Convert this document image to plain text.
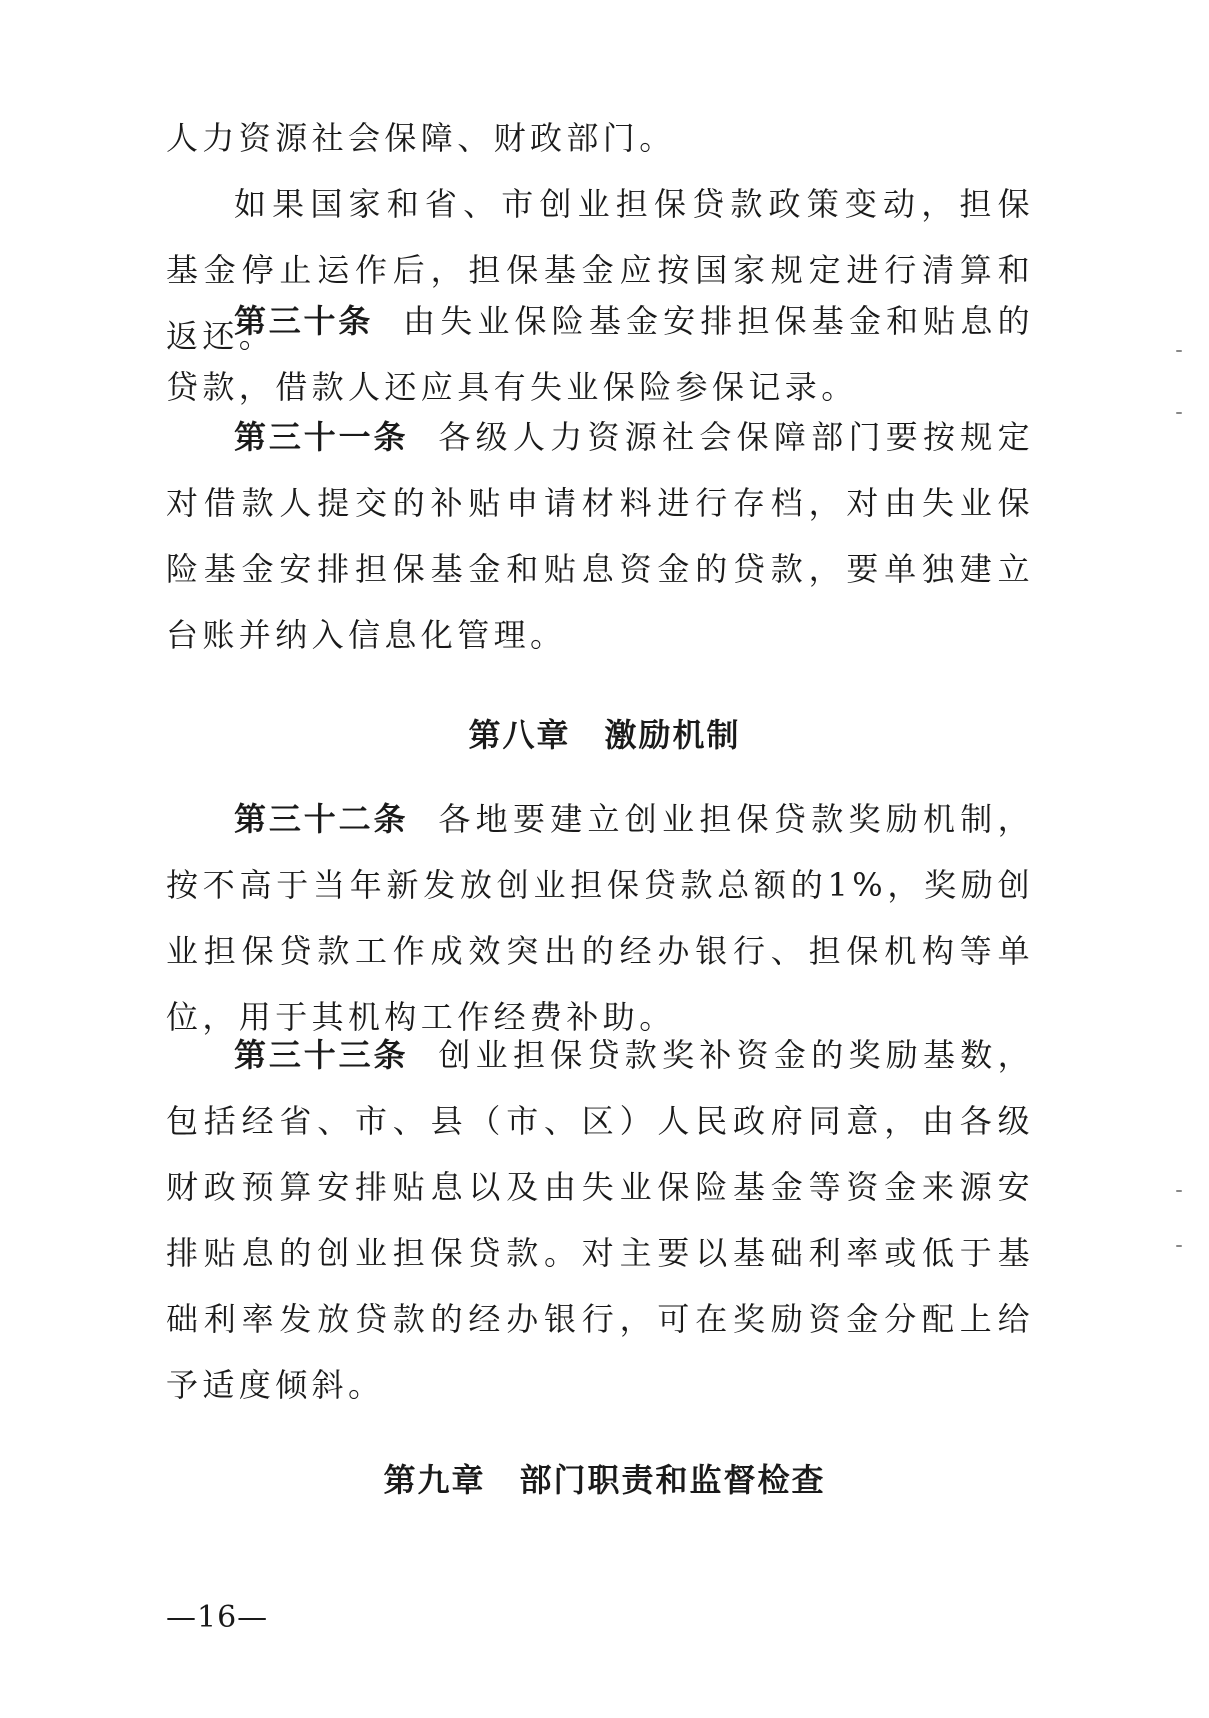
人力资源社会保障、财政部门。

如果国家和省、市创业担保贷款政策变动，担保基金停止运作后，担保基金应按国家规定进行清算和返还。

第三十条 由失业保险基金安排担保基金和贴息的贷款，借款人还应具有失业保险参保记录。

第三十一条 各级人力资源社会保障部门要按规定对借款人提交的补贴申请材料进行存档，对由失业保险基金安排担保基金和贴息资金的贷款，要单独建立台账并纳入信息化管理。

第八章 激励机制

第三十二条 各地要建立创业担保贷款奖励机制，按不高于当年新发放创业担保贷款总额的1%，奖励创业担保贷款工作成效突出的经办银行、担保机构等单位，用于其机构工作经费补助。

第三十三条 创业担保贷款奖补资金的奖励基数，包括经省、市、县（市、区）人民政府同意，由各级财政预算安排贴息以及由失业保险基金等资金来源安排贴息的创业担保贷款。对主要以基础利率或低于基础利率发放贷款的经办银行，可在奖励资金分配上给予适度倾斜。

第九章 部门职责和监督检查
—16—
